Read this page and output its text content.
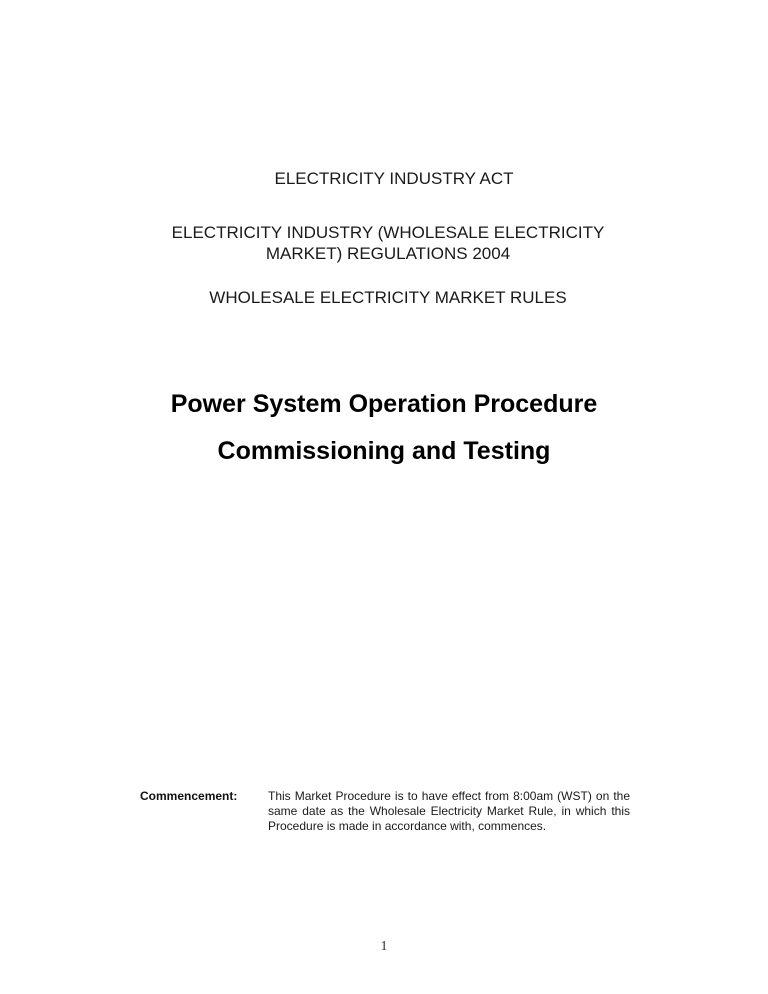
ELECTRICITY INDUSTRY ACT
ELECTRICITY INDUSTRY (WHOLESALE ELECTRICITY
MARKET) REGULATIONS 2004
WHOLESALE ELECTRICITY MARKET RULES
Power System Operation Procedure
Commissioning and Testing
Commencement:	This Market Procedure is to have effect from 8:00am (WST) on the same date as the Wholesale Electricity Market Rule, in which this Procedure is made in accordance with, commences.
1
